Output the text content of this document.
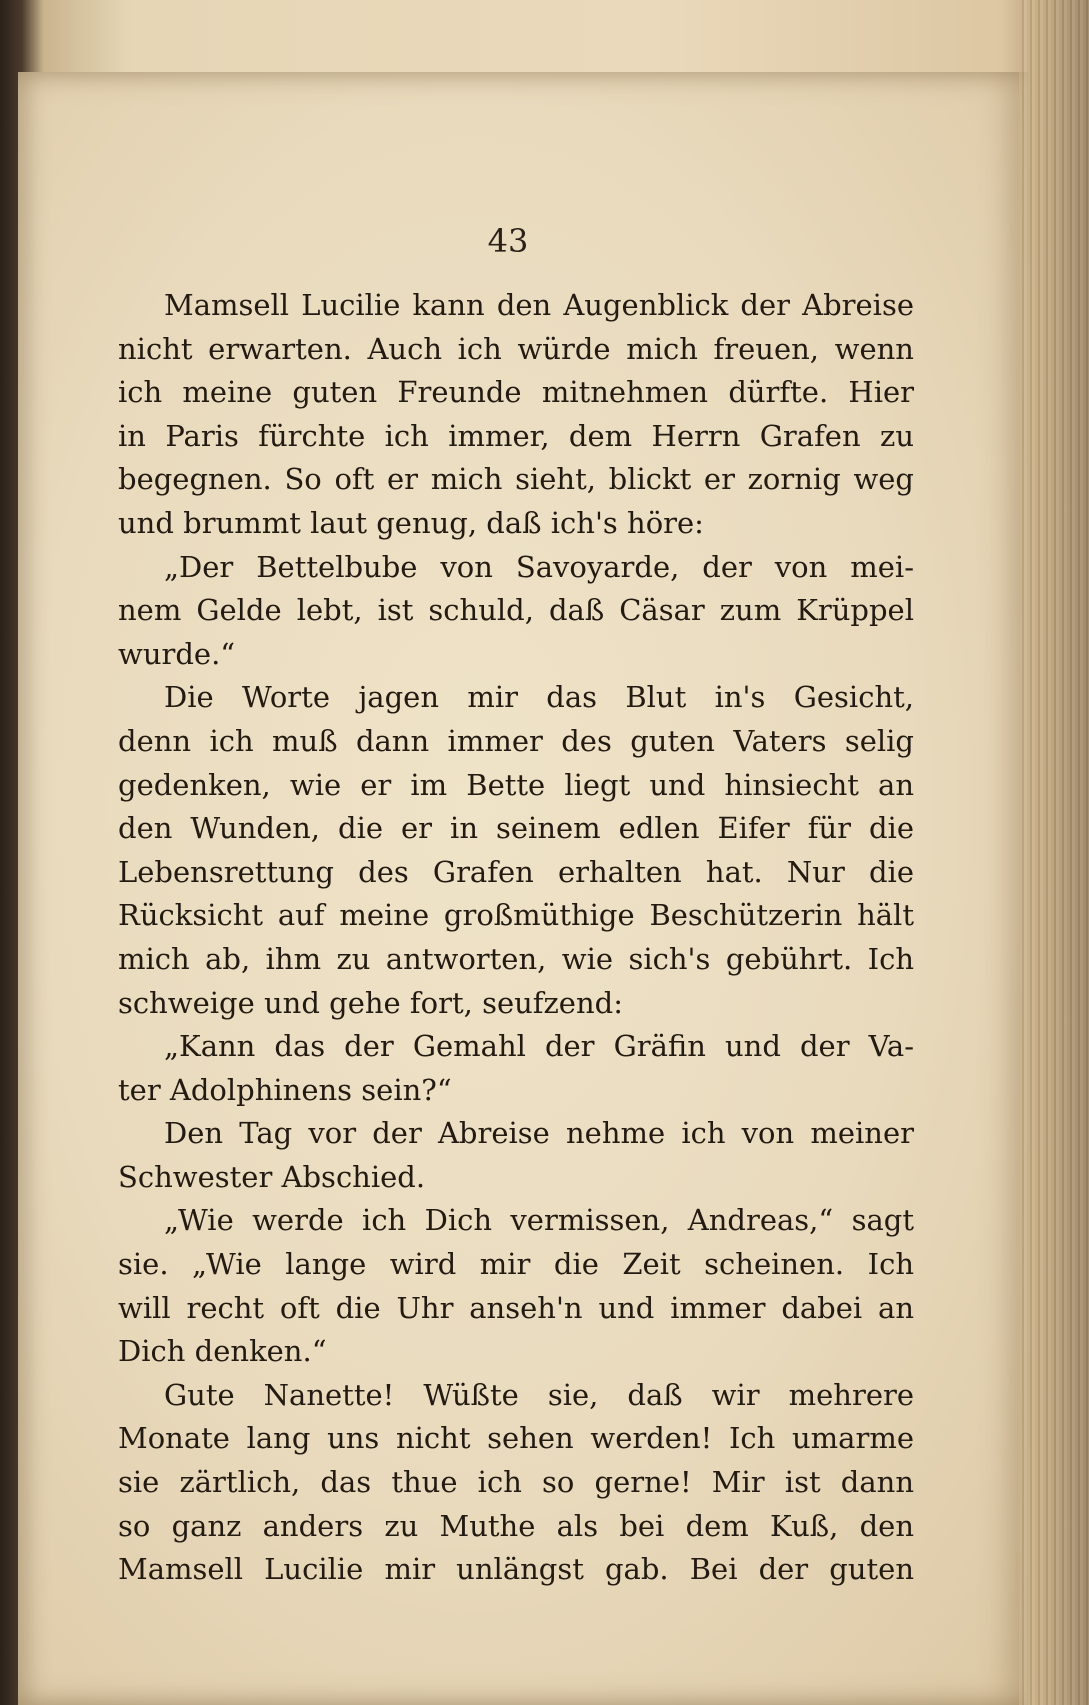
43
Mamsell Lucilie kann den Augenblick der Abreise
nicht erwarten. Auch ich würde mich freuen, wenn
ich meine guten Freunde mitnehmen dürfte. Hier
in Paris fürchte ich immer, dem Herrn Grafen zu
begegnen. So oft er mich sieht, blickt er zornig weg
und brummt laut genug, daß ich's höre:
„Der Bettelbube von Savoyarde, der von mei-
nem Gelde lebt, ist schuld, daß Cäsar zum Krüppel
wurde.“
Die Worte jagen mir das Blut in's Gesicht,
denn ich muß dann immer des guten Vaters selig
gedenken, wie er im Bette liegt und hinsiecht an
den Wunden, die er in seinem edlen Eifer für die
Lebensrettung des Grafen erhalten hat. Nur die
Rücksicht auf meine großmüthige Beschützerin hält
mich ab, ihm zu antworten, wie sich's gebührt. Ich
schweige und gehe fort, seufzend:
„Kann das der Gemahl der Gräfin und der Va-
ter Adolphinens sein?“
Den Tag vor der Abreise nehme ich von meiner
Schwester Abschied.
„Wie werde ich Dich vermissen, Andreas,“ sagt
sie. „Wie lange wird mir die Zeit scheinen. Ich
will recht oft die Uhr anseh'n und immer dabei an
Dich denken.“
Gute Nanette! Wüßte sie, daß wir mehrere
Monate lang uns nicht sehen werden! Ich umarme
sie zärtlich, das thue ich so gerne! Mir ist dann
so ganz anders zu Muthe als bei dem Kuß, den
Mamsell Lucilie mir unlängst gab. Bei der guten
